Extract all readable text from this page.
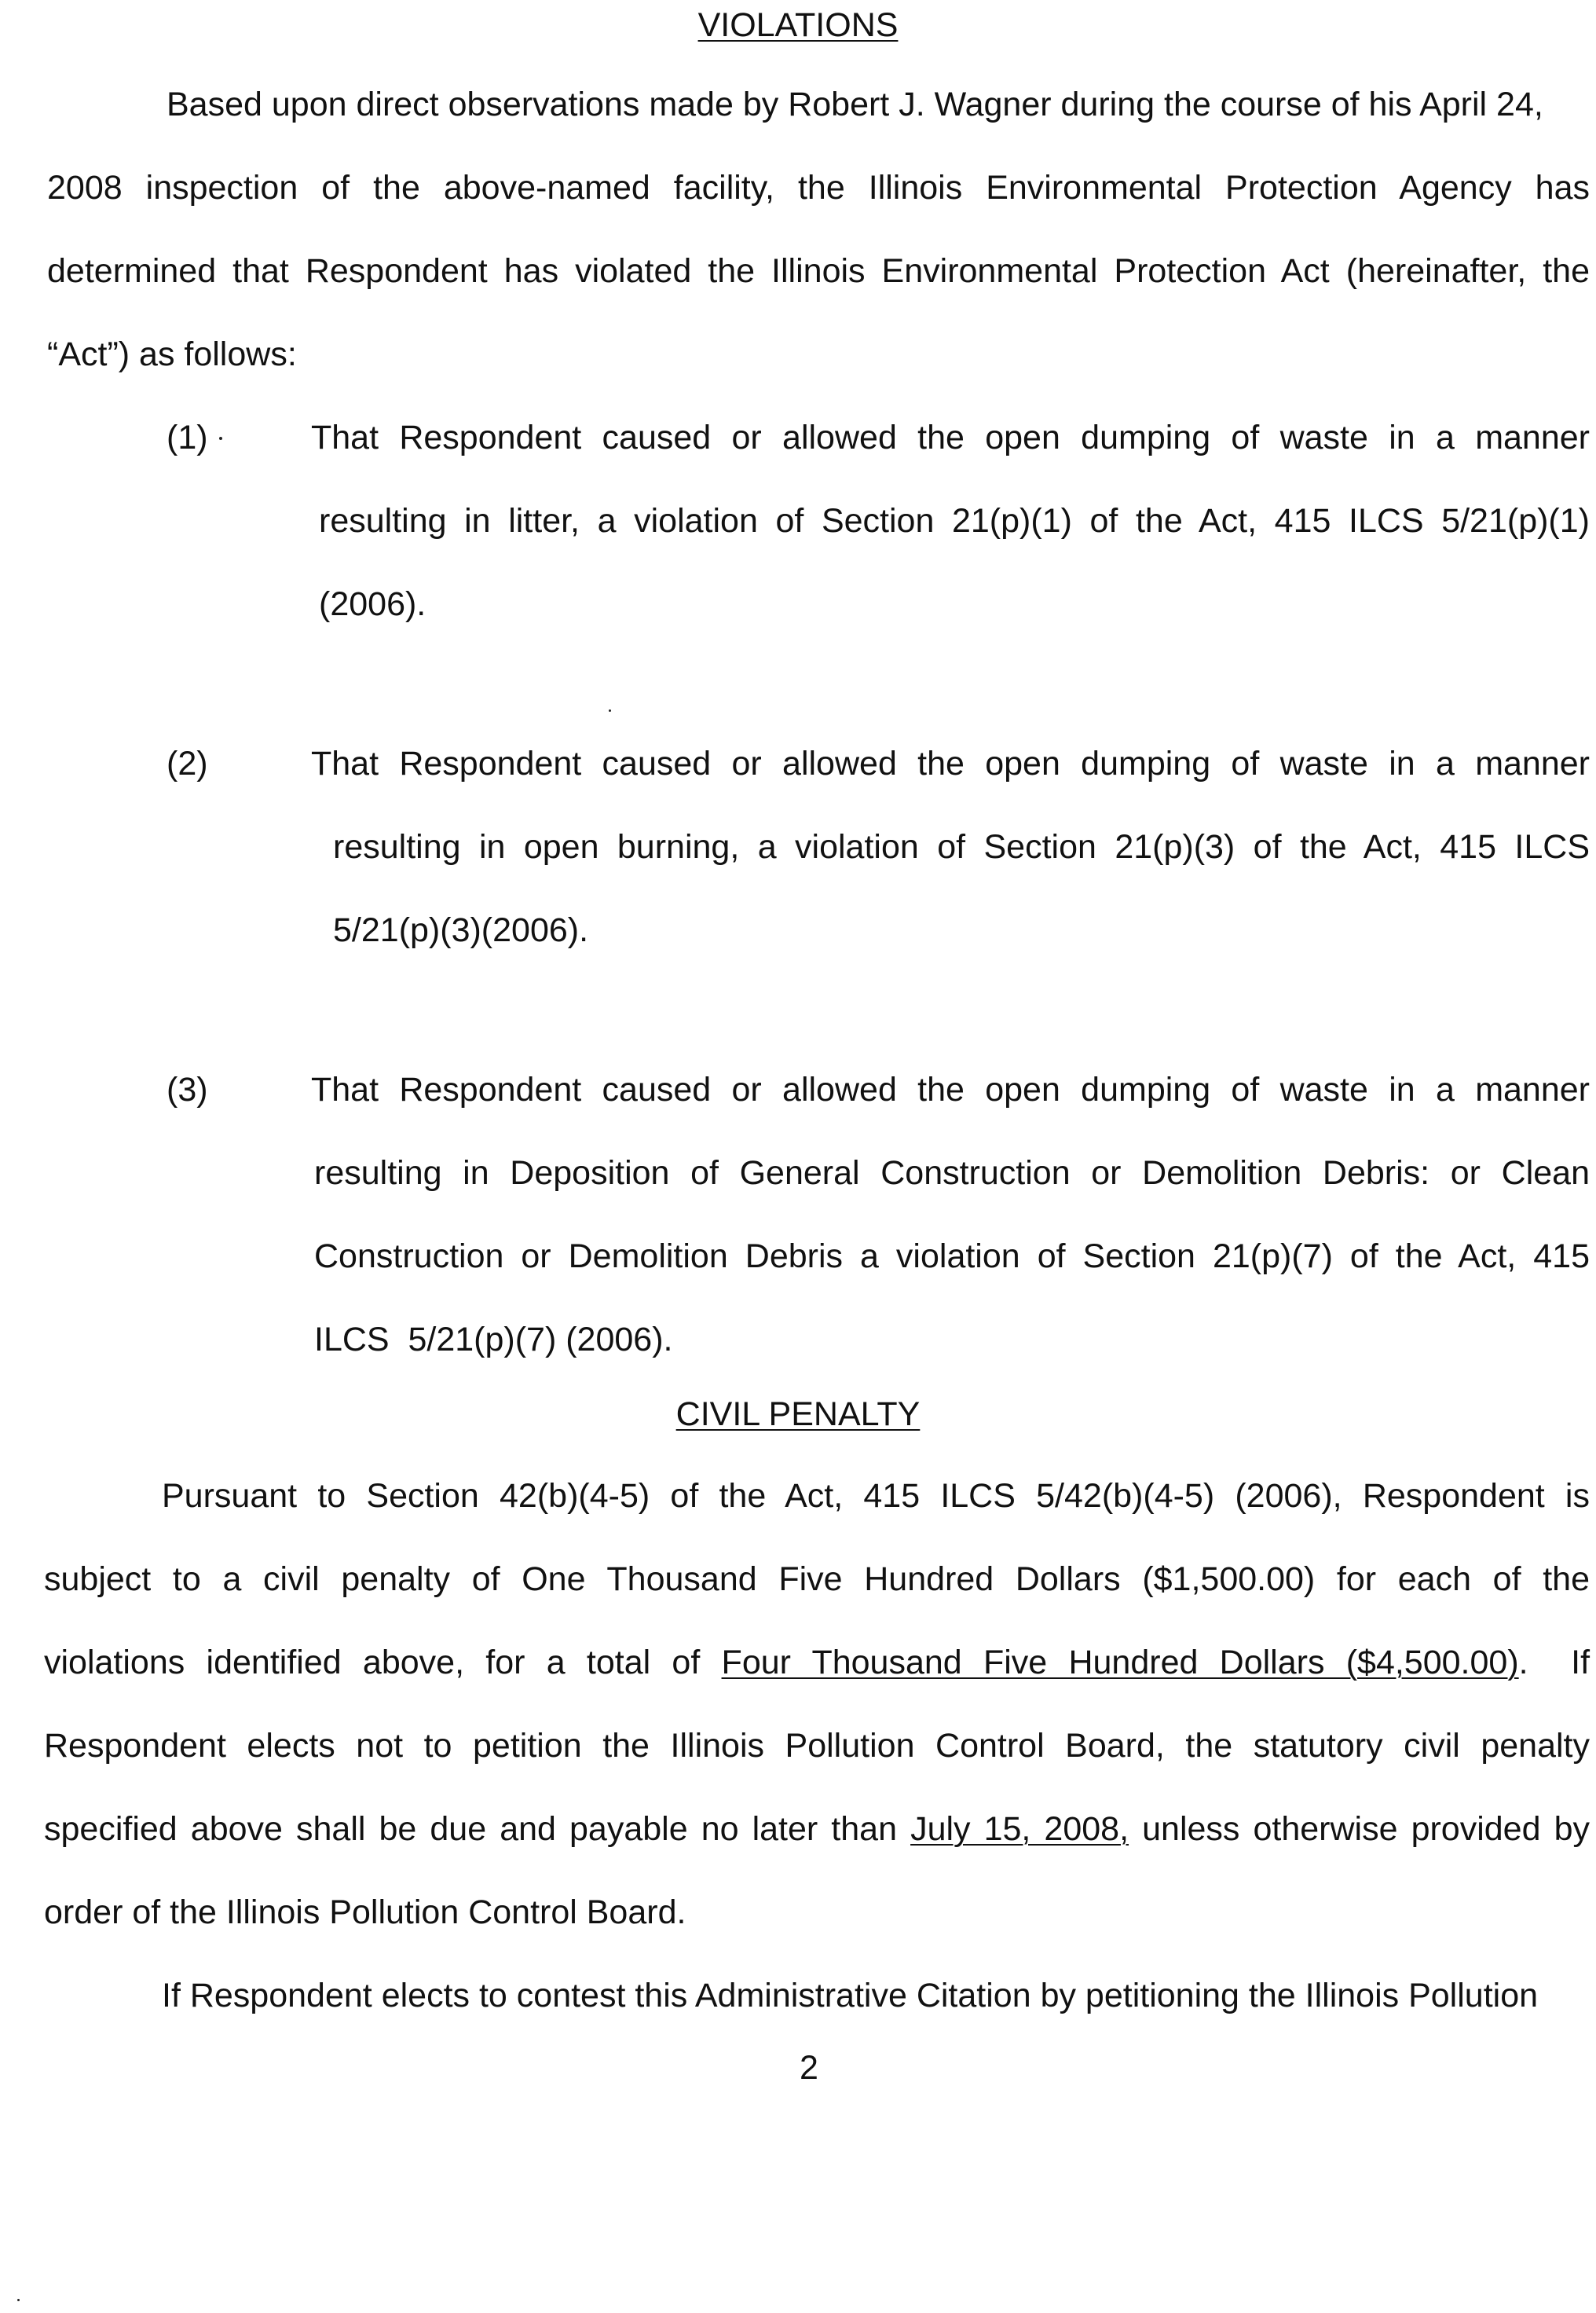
VIOLATIONS
Based upon direct observations made by Robert J. Wagner during the course of his April 24,
2008 inspection of the above-named facility, the Illinois Environmental Protection Agency has
determined that Respondent has violated the Illinois Environmental Protection Act (hereinafter, the
“Act”) as follows:
(1)	That Respondent caused or allowed the open dumping of waste in a manner
resulting in litter, a violation of Section 21(p)(1) of the Act, 415 ILCS 5/21(p)(1)
(2006).
(2)	That Respondent caused or allowed the open dumping of waste in a manner
resulting in open burning, a violation of Section 21(p)(3) of the Act, 415 ILCS
5/21(p)(3)(2006).
(3)	That Respondent caused or allowed the open dumping of waste in a manner
resulting in Deposition of General Construction or Demolition Debris: or Clean
Construction or Demolition Debris a violation of Section 21(p)(7) of the Act, 415
ILCS  5/21(p)(7) (2006).
CIVIL PENALTY
Pursuant to Section 42(b)(4-5) of the Act, 415 ILCS 5/42(b)(4-5) (2006), Respondent is
subject to a civil penalty of One Thousand Five Hundred Dollars ($1,500.00) for each of the
violations identified above, for a total of Four Thousand Five Hundred Dollars ($4,500.00).  If
Respondent elects not to petition the Illinois Pollution Control Board, the statutory civil penalty
specified above shall be due and payable no later than July 15, 2008, unless otherwise provided by
order of the Illinois Pollution Control Board.
If Respondent elects to contest this Administrative Citation by petitioning the Illinois Pollution
2
